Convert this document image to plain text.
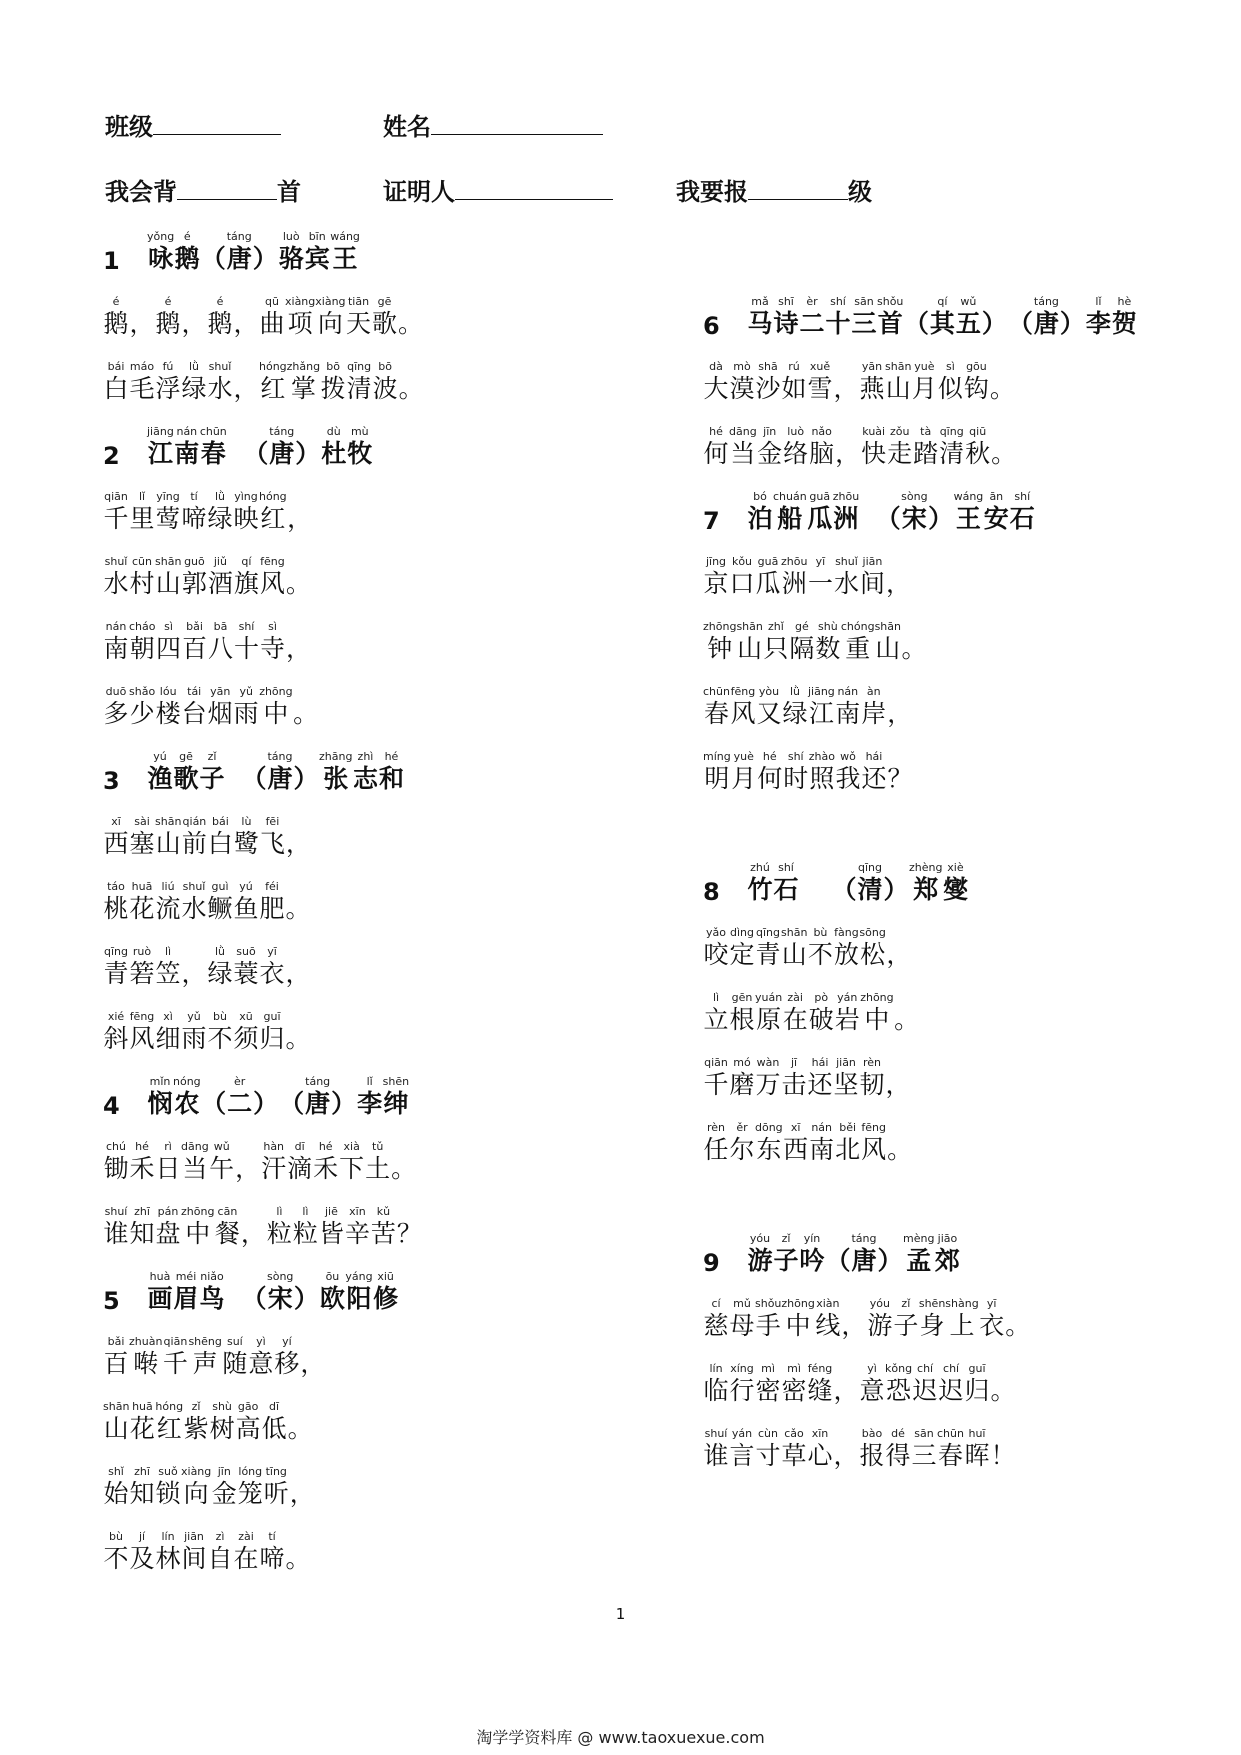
班级	姓名
我会背	首	证明人	我要报	级
1
yǒng
咏
é
鹅 （
táng
唐 ）
luò
骆
bīn
宾
wáng
王
é
鹅 ，
é
鹅 ，
é
鹅 ，
qū
曲
xiàng
项
xiàng
向
tiān
天
gē
歌 。
bái
白
máo
毛
fú
浮
lǜ
绿
shuǐ
水 ，
hóng
红
zhǎng
掌
bō
拨
qīng
清
bō
波 。
2
jiāng
江
nán
南
chūn
春 （
táng
唐 ）
dù
杜
mù
牧
qiān
千
lǐ
里
yīng
莺
tí
啼
lǜ
绿
yìng
映
hóng
红 ，
shuǐ
水
cūn
村
shān
山
guō
郭
jiǔ
酒
qí
旗
fēng
风 。
nán
南
cháo
朝
sì
四
bǎi
百
bā
八
shí
十
sì
寺 ，
duō
多
shǎo
少
lóu
楼
tái
台
yān
烟
yǔ
雨
zhōng
中 。
3
yú
渔
gē
歌
zǐ
子 （
táng
唐 ）
zhāng
张
zhì
志
hé
和
xī
西
sài
塞
shān
山
qián
前
bái
白
lù
鹭
fēi
飞 ，
táo
桃
huā
花
liú
流
shuǐ
水
guì
鳜
yú
鱼
féi
肥 。
qīng
青
ruò
箬
lì
笠 ，
lǜ
绿
suō
蓑
yī
衣 ，
xié
斜
fēng
风
xì
细
yǔ
雨
bù
不
xū
须
guī
归 。
4
mǐn
悯
nóng
农 （
èr
二 ） （
táng
唐 ）
lǐ
李
shēn
绅
chú
锄
hé
禾
rì
日
dāng
当
wǔ
午 ，
hàn
汗
dī
滴
hé
禾
xià
下
tǔ
土 。
shuí
谁
zhī
知
pán
盘
zhōng
中
cān
餐 ，
lì
粒
lì
粒
jiē
皆
xīn
辛
kǔ
苦 ？
5
huà
画
méi
眉
niǎo
鸟 （
sòng
宋 ）
ōu
欧
yáng
阳
xiū
修
bǎi
百
zhuàn
啭
qiān
千
shēng
声
suí
随
yì
意
yí
移 ，
shān
山
huā
花
hóng
红
zǐ
紫
shù
树
gāo
高
dī
低 。
shǐ
始
zhī
知
suǒ
锁
xiàng
向
jīn
金
lóng
笼
tīng
听 ，
bù
不
jí
及
lín
林
jiān
间
zì
自
zài
在
tí
啼 。
6
mǎ
马
shī
诗
èr
二
shí
十
sān
三
shǒu
首 （
qí
其
wǔ
五 ） （
táng
唐 ）
lǐ
李
hè
贺
dà
大
mò
漠
shā
沙
rú
如
xuě
雪 ，
yān
燕
shān
山
yuè
月
sì
似
gōu
钩 。
hé
何
dāng
当
jīn
金
luò
络
nǎo
脑 ，
kuài
快
zǒu
走
tà
踏
qīng
清
qiū
秋 。
7
bó
泊
chuán
船
guā
瓜
zhōu
洲 （
sòng
宋 ）
wáng
王
ān
安
shí
石
jīng
京
kǒu
口
guā
瓜
zhōu
洲
yī
一
shuǐ
水
jiān
间 ，
zhōng
钟
shān
山
zhǐ
只
gé
隔
shù
数
chóng
重
shān
山 。
chūn
春
fēng
风
yòu
又
lǜ
绿
jiāng
江
nán
南
àn
岸 ，
míng
明
yuè
月
hé
何
shí
时
zhào
照
wǒ
我
hái
还 ？
8
zhú
竹
shí
石 （
qīng
清 ）
zhèng
郑
xiè
燮
yǎo
咬
dìng
定
qīng
青
shān
山
bù
不
fàng
放
sōng
松 ，
lì
立
gēn
根
yuán
原
zài
在
pò
破
yán
岩
zhōng
中 。
qiān
千
mó
磨
wàn
万
jī
击
hái
还
jiān
坚
rèn
韧 ，
rèn
任
ěr
尔
dōng
东
xī
西
nán
南
běi
北
fēng
风 。
9
yóu
游
zǐ
子
yín
吟 （
táng
唐 ）
mèng
孟
jiāo
郊
cí
慈
mǔ
母
shǒu
手
zhōng
中
xiàn
线 ，
yóu
游
zǐ
子
shēn
身
shàng
上
yī
衣 。
lín
临
xíng
行
mì
密
mì
密
féng
缝 ，
yì
意
kǒng
恐
chí
迟
chí
迟
guī
归 。
shuí
谁
yán
言
cùn
寸
cǎo
草
xīn
心 ，
bào
报
dé
得
sān
三
chūn
春
huī
晖 ！
1
淘学学资料库 @ www.taoxuexue.com
